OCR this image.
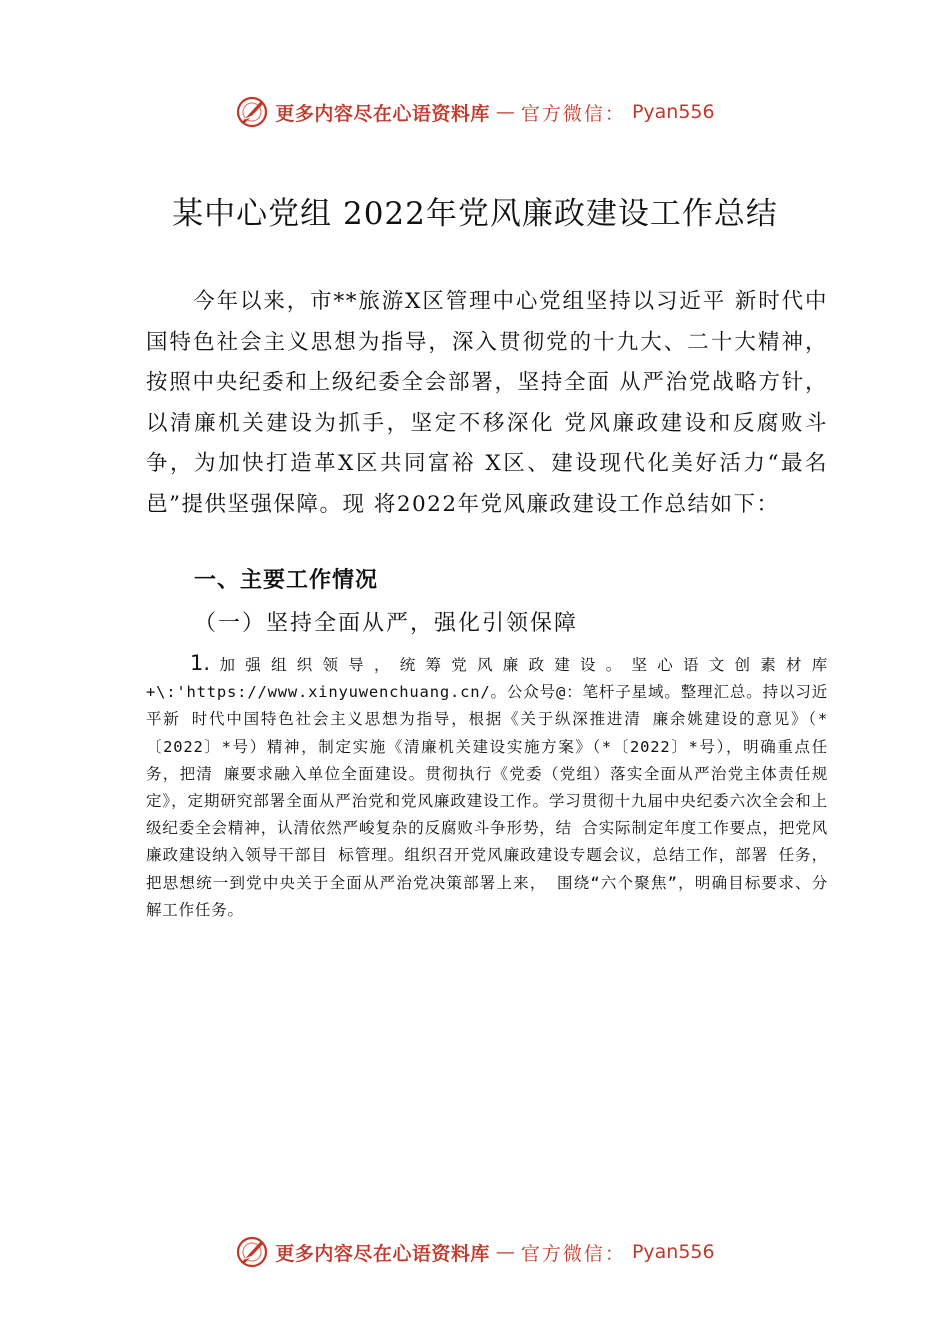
更多内容尽在心语资料库 — 官方微信： Pyan556
某中心党组 2022年党风廉政建设工作总结

今年以来，市**旅游Ⅹ区管理中心党组坚持以习近平 新时代中国特色社会主义思想为指导，深入贯彻党的十九大、二十大精神，按照中央纪委和上级纪委全会部署，坚持全面 从严治党战略方针，以清廉机关建设为抓手，坚定不移深化 党风廉政建设和反腐败斗争，为加快打造革Ⅹ区共同富裕 Ⅹ区、建设现代化美好活力“最名邑”提供坚强保障。现 将2022年党风廉政建设工作总结如下：

一、主要工作情况
（一）坚持全面从严，强化引领保障

1.加强组织领导，统筹党风廉政建设。坚心语文创素材库+\:'https://www.xinyuwenchuang.cn/。公众号@：笔杆子星域。整理汇总。持以习近平新 时代中国特色社会主义思想为指导，根据《关于纵深推进清 廉余姚建设的意见》（*〔2022〕*号）精神，制定实施《清廉机关建设实施方案》（*〔2022〕*号），明确重点任务，把清 廉要求融入单位全面建设。贯彻执行《党委（党组）落实全面从严治党主体责任规定》，定期研究部署全面从严治党和党风廉政建设工作。学习贯彻十九届中央纪委六次全会和上级纪委全会精神，认清依然严峻复杂的反腐败斗争形势，结 合实际制定年度工作要点，把党风廉政建设纳入领导干部目 标管理。组织召开党风廉政建设专题会议，总结工作，部署 任务，把思想统一到党中央关于全面从严治党决策部署上来， 围绕“六个聚焦”，明确目标要求、分解工作任务。

更多内容尽在心语资料库 — 官方微信： Pyan556
